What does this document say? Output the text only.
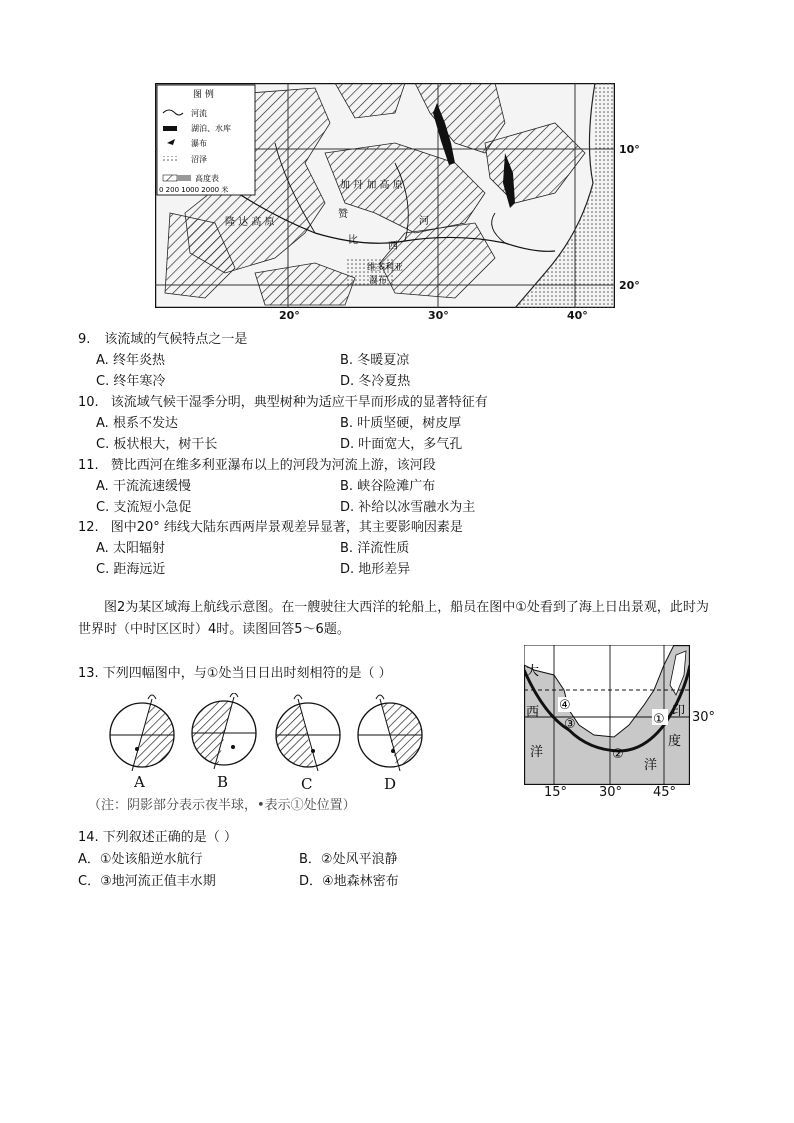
图 例
河流
湖泊、水库
瀑布
沼泽
高度表
0 200 1000 2000 米	加 丹 加 高 原
隆 达 高 原
赞
比
西
河
维多利亚
瀑布
10°
20°
20°	30°	40°
9. 该流域的气候特点之一是
A. 终年炎热	B. 冬暖夏凉
C. 终年寒冷	D. 冬冷夏热
10. 该流域气候干湿季分明，典型树种为适应干旱而形成的显著特征有
A. 根系不发达	B. 叶质坚硬，树皮厚
C. 板状根大，树干长	D. 叶面宽大，多气孔
11. 赞比西河在维多利亚瀑布以上的河段为河流上游，该河段
A. 干流流速缓慢	B. 峡谷险滩广布
C. 支流短小急促	D. 补给以冰雪融水为主
12. 图中20° 纬线大陆东西两岸景观差异显著，其主要影响因素是
A. 太阳辐射	B. 洋流性质
C. 距海远近	D. 地形差异
图2为某区域海上航线示意图。在一艘驶往大西洋的轮船上，船员在图中①处看到了海上日出景观，此时为世界时（中时区区时）4时。读图回答5～6题。
13. 下列四幅图中，与①处当日日出时刻相符的是（ ）
A	B	C	D
（注：阴影部分表示夜半球，•表示①处位置）
④
③
②
①
大
西
洋
印
度
洋
30°
15° 30° 45°
14. 下列叙述正确的是（ ）
A．①处该船逆水航行	B．②处风平浪静
C．③地河流正值丰水期	D．④地森林密布
